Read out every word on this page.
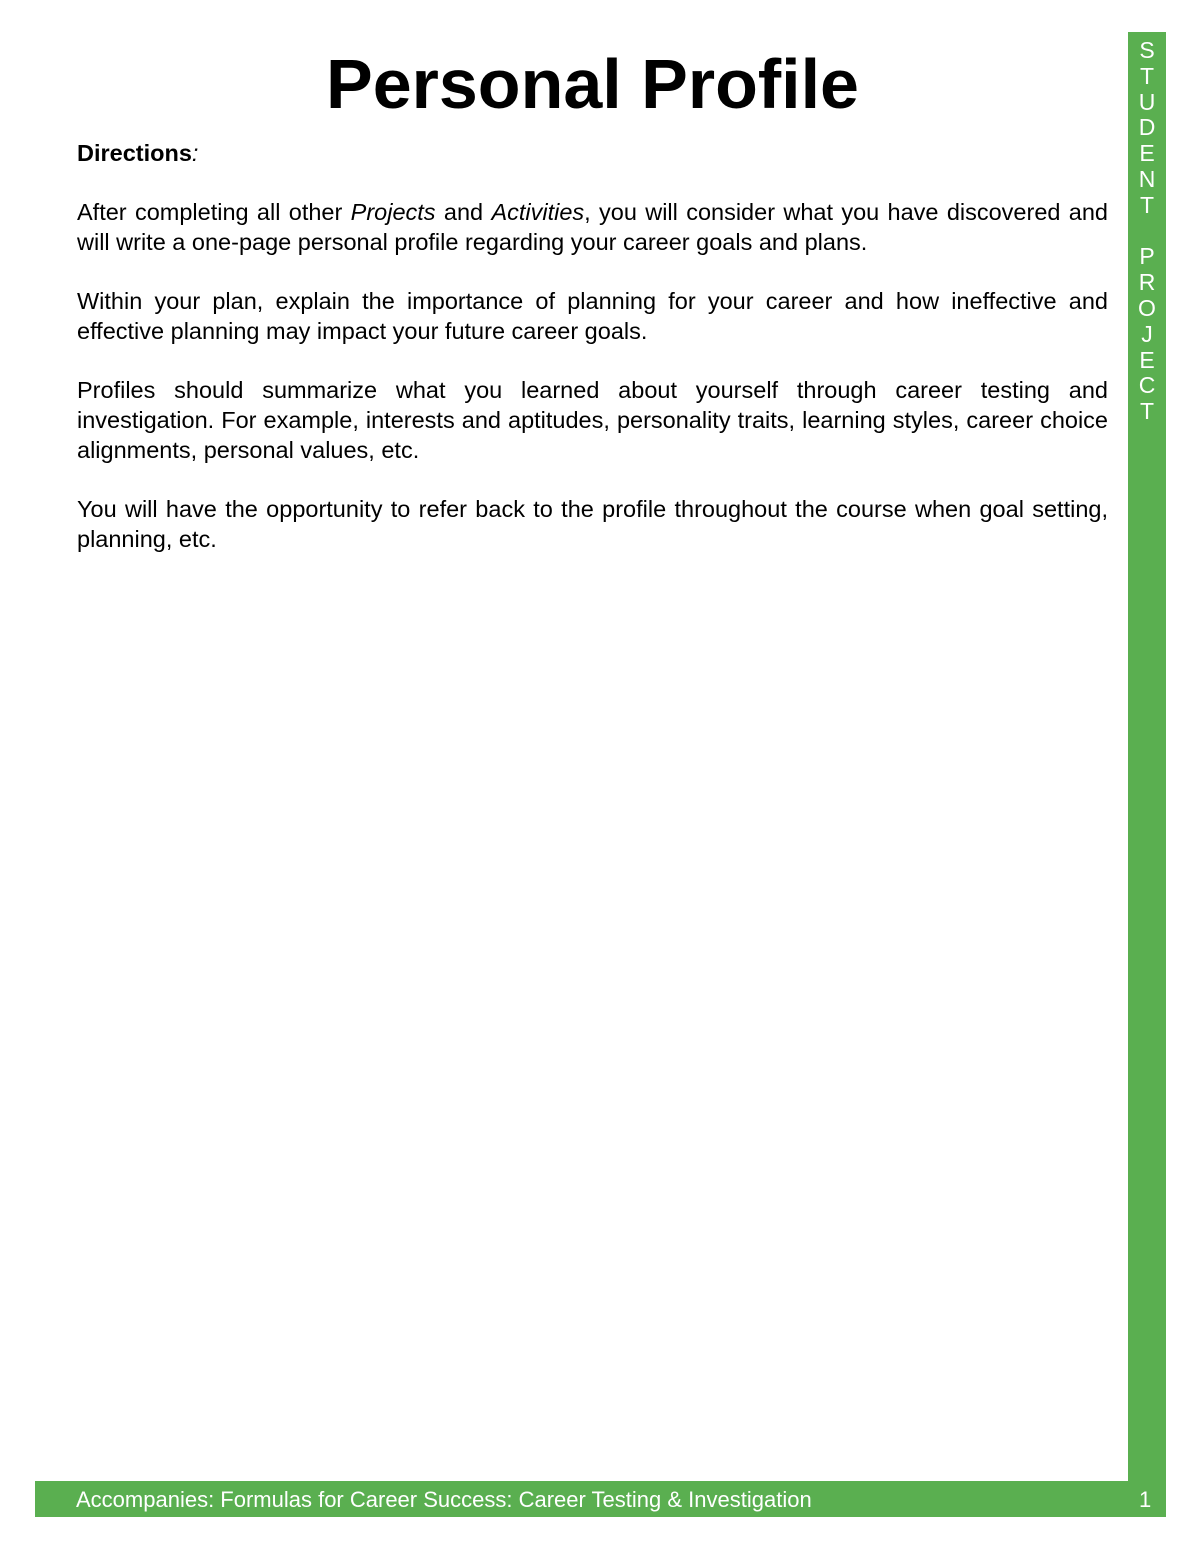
Personal Profile
Directions:

After completing all other Projects and Activities, you will consider what you have discovered and will write a one-page personal profile regarding your career goals and plans.

Within your plan, explain the importance of planning for your career and how ineffective and effective planning may impact your future career goals.

Profiles should summarize what you learned about yourself through career testing and investigation. For example, interests and aptitudes, personality traits, learning styles, career choice alignments, personal values, etc.

You will have the opportunity to refer back to the profile throughout the course when goal setting, planning, etc.

S
T
U
D
E
N
T
P
R
O
J
E
C
T
Accompanies: Formulas for Career Success: Career Testing & Investigation	1
